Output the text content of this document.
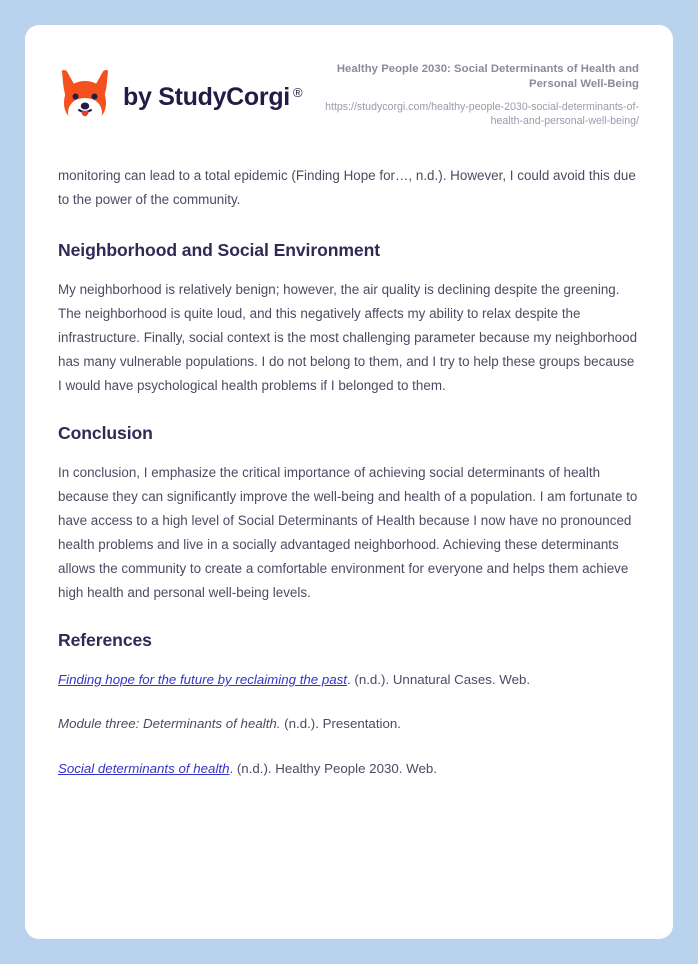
by StudyCorgi ®
Healthy People 2030: Social Determinants of Health and Personal Well-Being
https://studycorgi.com/healthy-people-2030-social-determinants-of-health-and-personal-well-being/

monitoring can lead to a total epidemic (Finding Hope for…, n.d.). However, I could avoid this due to the power of the community.

Neighborhood and Social Environment

My neighborhood is relatively benign; however, the air quality is declining despite the greening. The neighborhood is quite loud, and this negatively affects my ability to relax despite the infrastructure. Finally, social context is the most challenging parameter because my neighborhood has many vulnerable populations. I do not belong to them, and I try to help these groups because I would have psychological health problems if I belonged to them.

Conclusion

In conclusion, I emphasize the critical importance of achieving social determinants of health because they can significantly improve the well-being and health of a population. I am fortunate to have access to a high level of Social Determinants of Health because I now have no pronounced health problems and live in a socially advantaged neighborhood. Achieving these determinants allows the community to create a comfortable environment for everyone and helps them achieve high health and personal well-being levels.

References
Finding hope for the future by reclaiming the past. (n.d.). Unnatural Cases. Web.
Module three: Determinants of health. (n.d.). Presentation.
Social determinants of health. (n.d.). Healthy People 2030. Web.
